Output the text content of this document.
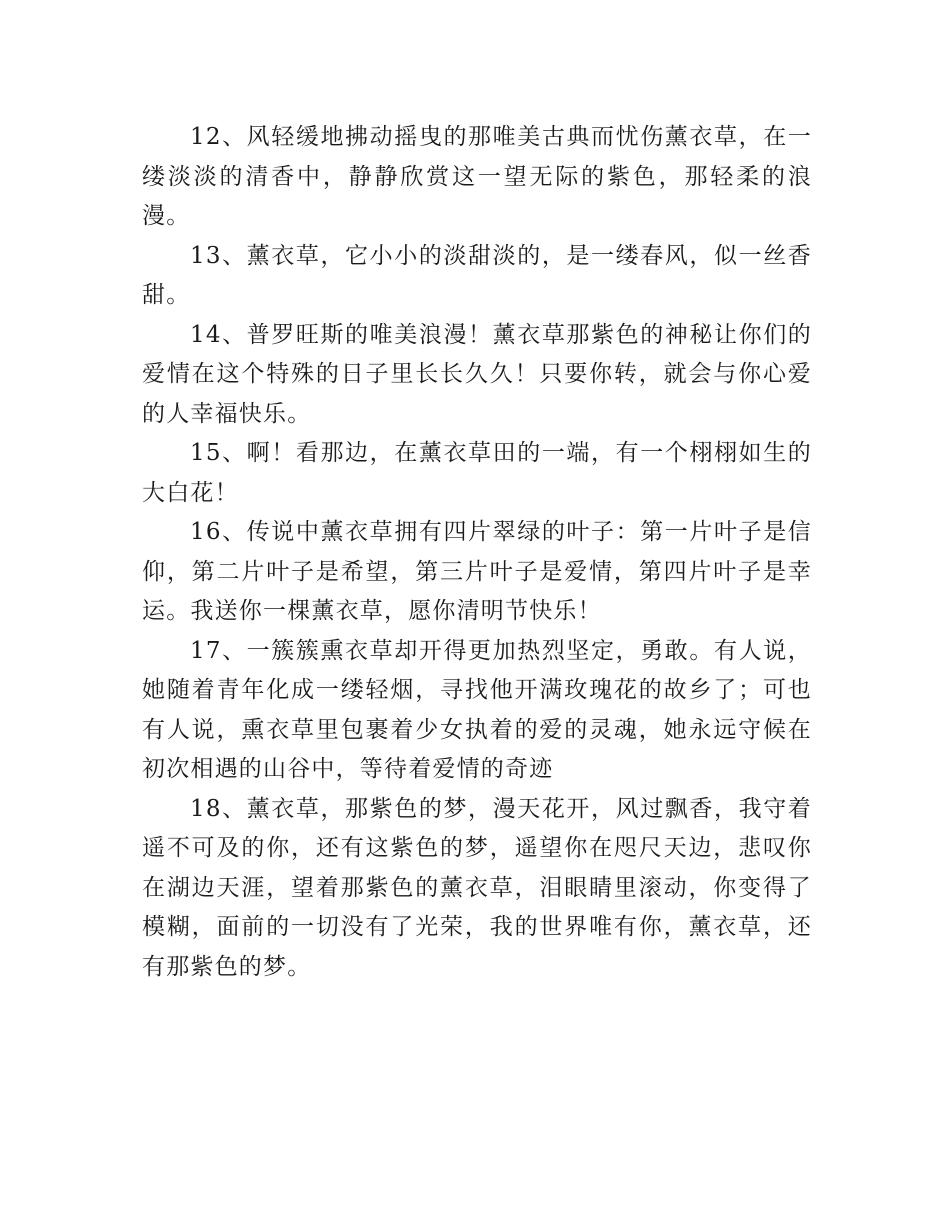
12、风轻缓地拂动摇曳的那唯美古典而忧伤薰衣草，在一缕淡淡的清香中，静静欣赏这一望无际的紫色，那轻柔的浪漫。

13、薰衣草，它小小的淡甜淡的，是一缕春风，似一丝香甜。

14、普罗旺斯的唯美浪漫！薰衣草那紫色的神秘让你们的爱情在这个特殊的日子里长长久久！只要你转，就会与你心爱的人幸福快乐。

15、啊！看那边，在薰衣草田的一端，有一个栩栩如生的大白花！

16、传说中薰衣草拥有四片翠绿的叶子：第一片叶子是信仰，第二片叶子是希望，第三片叶子是爱情，第四片叶子是幸运。我送你一棵薰衣草，愿你清明节快乐！

17、一簇簇熏衣草却开得更加热烈坚定，勇敢。有人说，她随着青年化成一缕轻烟，寻找他开满玫瑰花的故乡了；可也有人说，熏衣草里包裹着少女执着的爱的灵魂，她永远守候在初次相遇的山谷中，等待着爱情的奇迹

18、薰衣草，那紫色的梦，漫天花开，风过飘香，我守着遥不可及的你，还有这紫色的梦，遥望你在咫尺天边，悲叹你在湖边天涯，望着那紫色的薰衣草，泪眼睛里滚动，你变得了模糊，面前的一切没有了光荣，我的世界唯有你，薰衣草，还有那紫色的梦。
